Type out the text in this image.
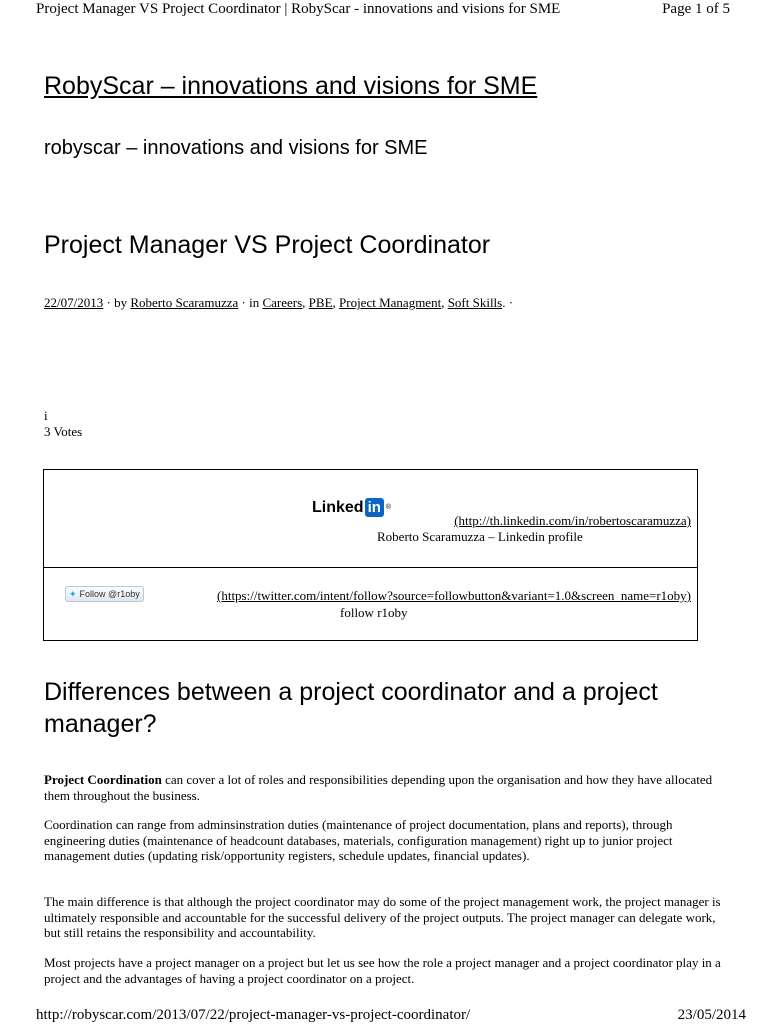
Project Manager VS Project Coordinator | RobyScar - innovations and visions for SME	Page 1 of 5
RobyScar – innovations and visions for SME
robyscar – innovations and visions for SME
Project Manager VS Project Coordinator
22/07/2013 · by Roberto Scaramuzza · in Careers, PBE, Project Managment, Soft Skills. ·
i
3 Votes
Linked in ®
(http://th.linkedin.com/in/robertoscaramuzza)
Roberto Scaramuzza – Linkedin profile
✦ Follow @r1oby	(https://twitter.com/intent/follow?source=followbutton&variant=1.0&screen_name=r1oby)
follow r1oby
Differences between a project coordinator and a project manager?
Project Coordination can cover a lot of roles and responsibilities depending upon the organisation and how they have allocated them throughout the business.
Coordination can range from adminsinstration duties (maintenance of project documentation, plans and reports), through engineering duties (maintenance of headcount databases, materials, configuration management) right up to junior project management duties (updating risk/opportunity registers, schedule updates, financial updates).
The main difference is that although the project coordinator may do some of the project management work, the project manager is ultimately responsible and accountable for the successful delivery of the project outputs. The project manager can delegate work, but still retains the responsibility and accountability.
Most projects have a project manager on a project but let us see how the role a project manager and a project coordinator play in a project and the advantages of having a project coordinator on a project.
http://robyscar.com/2013/07/22/project-manager-vs-project-coordinator/	23/05/2014
